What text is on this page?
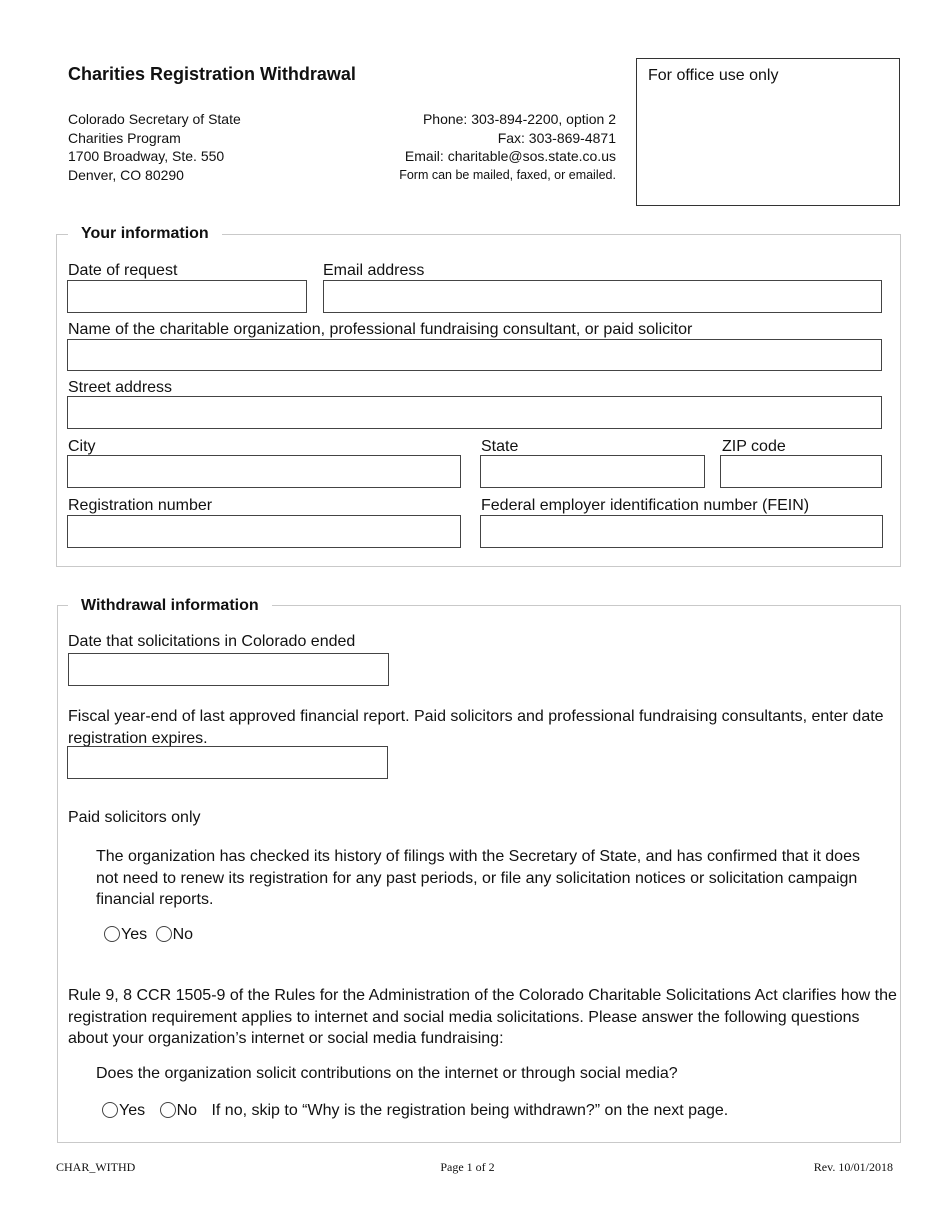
Charities Registration Withdrawal
Colorado Secretary of State
Charities Program
1700 Broadway, Ste. 550
Denver, CO 80290
Phone: 303-894-2200, option 2
Fax: 303-869-4871
Email: charitable@sos.state.co.us
Form can be mailed, faxed, or emailed.
For office use only
Your information
Date of request	Email address
Name of the charitable organization, professional fundraising consultant, or paid solicitor
Street address
City	State	ZIP code
Registration number	Federal employer identification number (FEIN)
Withdrawal information
Date that solicitations in Colorado ended
Fiscal year-end of last approved financial report. Paid solicitors and professional fundraising consultants, enter date registration expires.
Paid solicitors only
The organization has checked its history of filings with the Secretary of State, and has confirmed that it does not need to renew its registration for any past periods, or file any solicitation notices or solicitation campaign financial reports.
Yes No
Rule 9, 8 CCR 1505-9 of the Rules for the Administration of the Colorado Charitable Solicitations Act clarifies how the registration requirement applies to internet and social media solicitations. Please answer the following questions about your organization’s internet or social media fundraising:
Does the organization solicit contributions on the internet or through social media?
Yes No If no, skip to “Why is the registration being withdrawn?” on the next page.
CHAR_WITHD	Page 1 of 2	Rev. 10/01/2018
